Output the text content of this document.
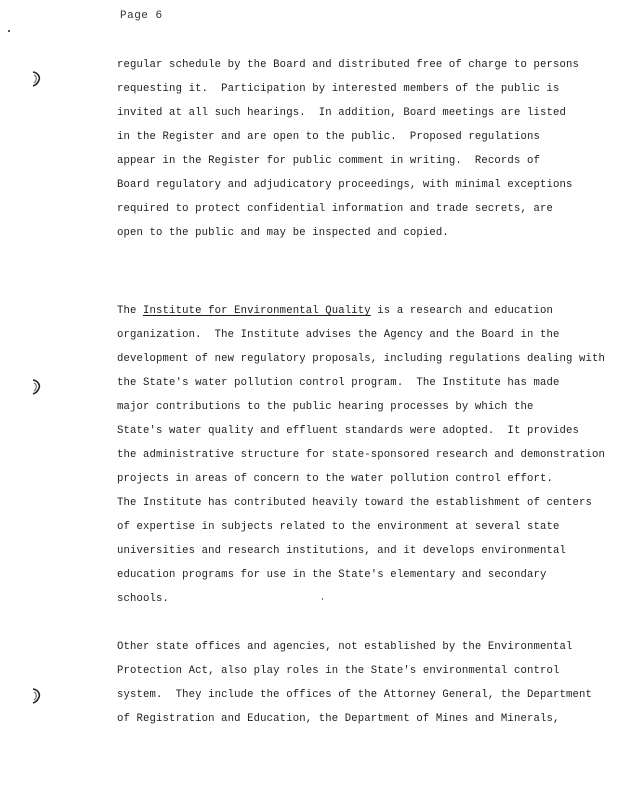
Page 6
regular schedule by the Board and distributed free of charge to persons
requesting it.  Participation by interested members of the public is
invited at all such hearings.  In addition, Board meetings are listed
in the Register and are open to the public.  Proposed regulations
appear in the Register for public comment in writing.  Records of
Board regulatory and adjudicatory proceedings, with minimal exceptions
required to protect confidential information and trade secrets, are
open to the public and may be inspected and copied.
The Institute for Environmental Quality is a research and education
organization.  The Institute advises the Agency and the Board in the
development of new regulatory proposals, including regulations dealing with
the State's water pollution control program.  The Institute has made
major contributions to the public hearing processes by which the
State's water quality and effluent standards were adopted.  It provides
the administrative structure for state-sponsored research and demonstration
projects in areas of concern to the water pollution control effort.
The Institute has contributed heavily toward the establishment of centers
of expertise in subjects related to the environment at several state
universities and research institutions, and it develops environmental
education programs for use in the State's elementary and secondary
schools.
Other state offices and agencies, not established by the Environmental
Protection Act, also play roles in the State's environmental control
system.  They include the offices of the Attorney General, the Department
of Registration and Education, the Department of Mines and Minerals,
